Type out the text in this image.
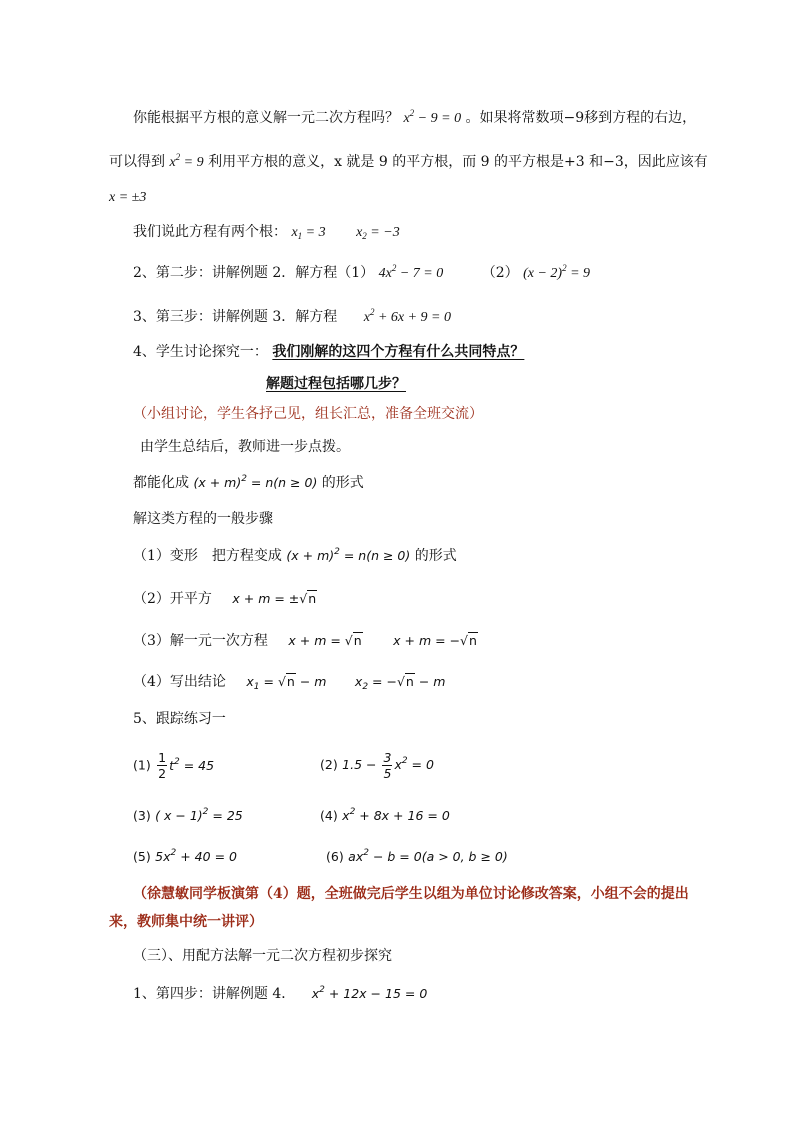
你能根据平方根的意义解一元二次方程吗？ $x^2 - 9 = 0$ 。如果将常数项−9移到方程的右边，
可以得到 $x^2 = 9$ 利用平方根的意义，x 就是 9 的平方根，而 9 的平方根是+3 和−3，因此应该有
x = ±3
我们说此方程有两个根： $x_1 = 3$ $x_2 = -3$
2、第二步：讲解例题 2．解方程（1） $4x^2 - 7 = 0$	（2） $(x - 2)^2 = 9$
3、第三步：讲解例题 3．解方程 $x^2 + 6x + 9 = 0$
4、学生讨论探究一： 我们刚解的这四个方程有什么共同特点？
解题过程包括哪几步？
（小组讨论，学生各抒己见，组长汇总，准备全班交流）
由学生总结后，教师进一步点拨。
都能化成 $(x + m)^2 = n(n \ge 0)$ 的形式
解这类方程的一般步骤
（1）变形　把方程变成 $(x + m)^2 = n(n \ge 0)$ 的形式
（2）开平方 x + m = ±√n
（3）解一元一次方程 x + m = √n	x + m = −√n
（4）写出结论 $x_1 = √n - m$ $x_2 = -√n - m$
5、跟踪练习一
$(1) \frac{1}{2} t^2 = 45$	(2) $1.5 - \frac{3}{5} x^2 = 0$
(3) ( x − 1)$^2$ = 25	(4) $x^2 + 8x + 16 = 0$
(5) $5x^2 + 40 = 0$	(6) $ax^2 - b = 0(a > 0$, b ≥ 0)
（徐慧敏同学板演第（4）题，全班做完后学生以组为单位讨论修改答案，小组不会的提出
来，教师集中统一讲评）
（三）、用配方法解一元二次方程初步探究
1、第四步：讲解例题 4． $x^2 + 12x - 15 = 0$
